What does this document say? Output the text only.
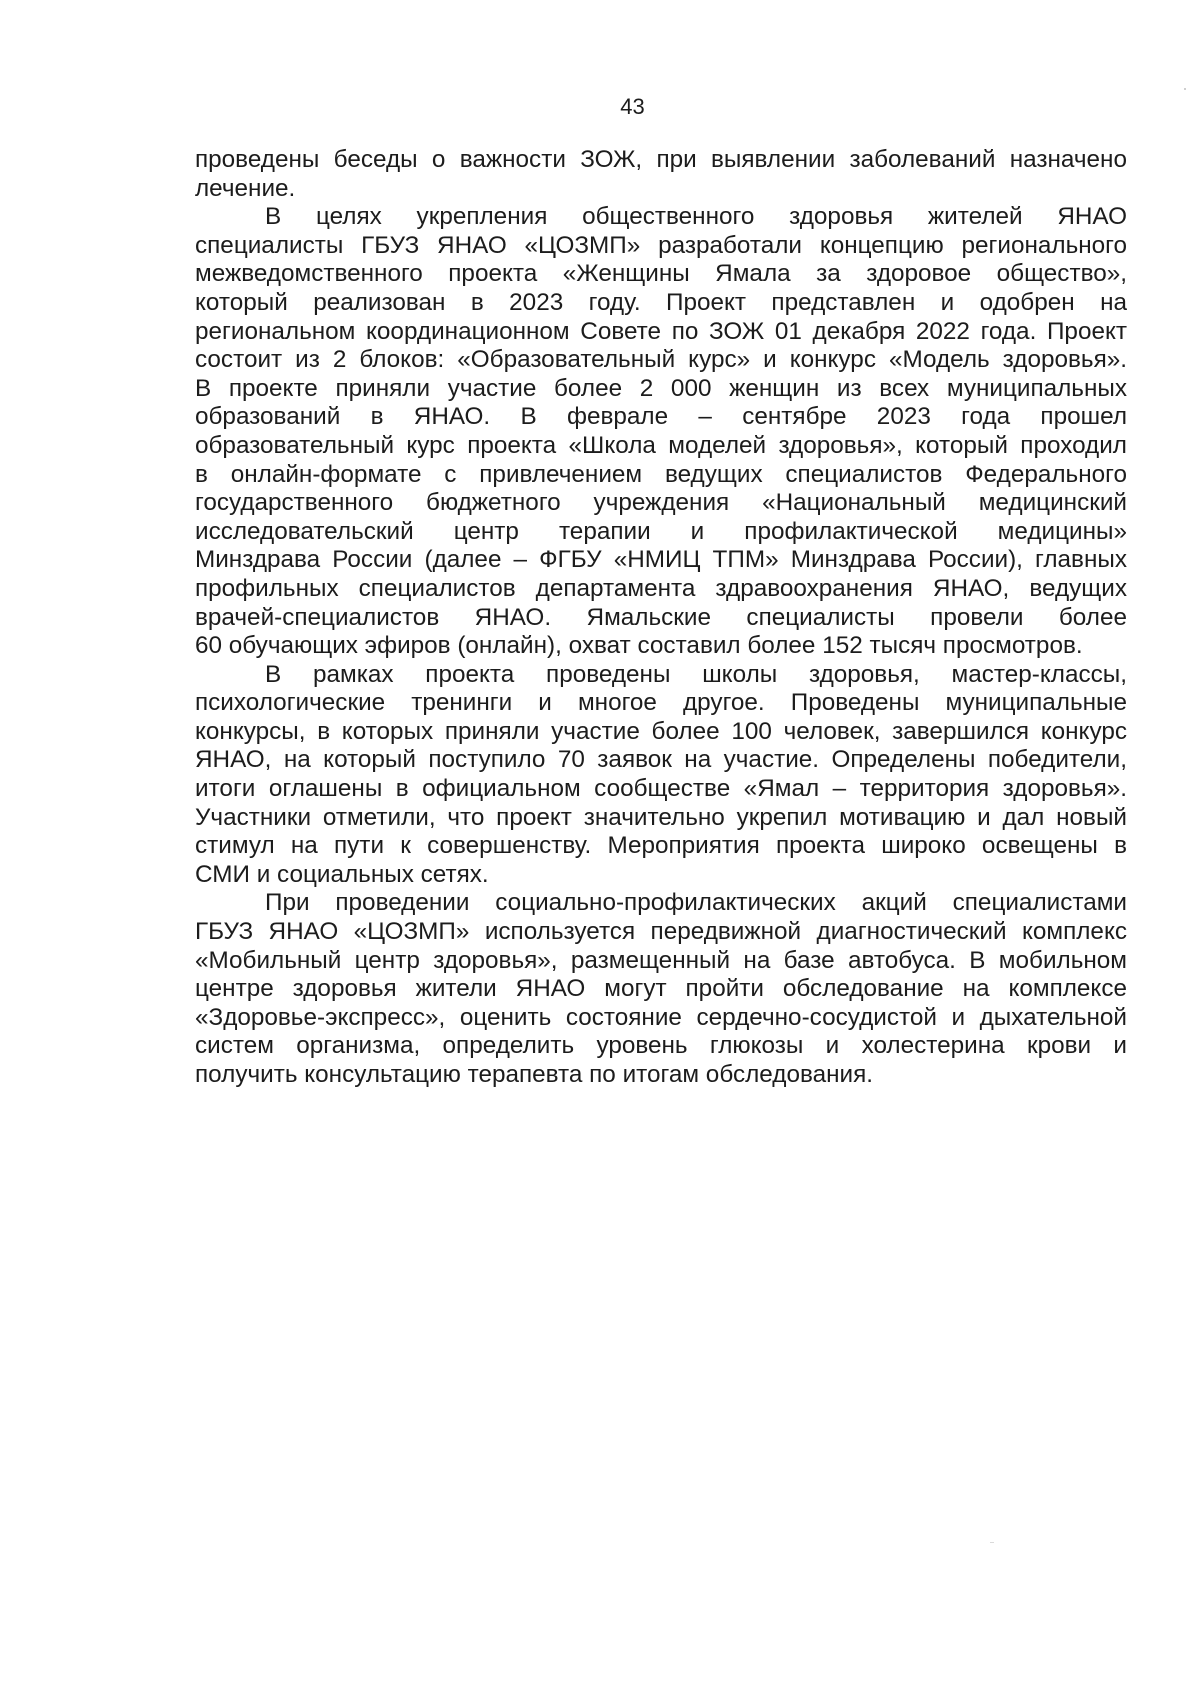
43
проведены беседы о важности ЗОЖ, при выявлении заболеваний назначено
лечение.
В целях укрепления общественного здоровья жителей ЯНАО
специалисты ГБУЗ ЯНАО «ЦОЗМП» разработали концепцию регионального
межведомственного проекта «Женщины Ямала за здоровое общество»,
который реализован в 2023 году. Проект представлен и одобрен на
региональном координационном Совете по ЗОЖ 01 декабря 2022 года. Проект
состоит из 2 блоков: «Образовательный курс» и конкурс «Модель здоровья».
В проекте приняли участие более 2 000 женщин из всех муниципальных
образований в ЯНАО. В феврале – сентябре 2023 года прошел
образовательный курс проекта «Школа моделей здоровья», который проходил
в онлайн-формате с привлечением ведущих специалистов Федерального
государственного бюджетного учреждения «Национальный медицинский
исследовательский центр терапии и профилактической медицины»
Минздрава России (далее – ФГБУ «НМИЦ ТПМ» Минздрава России), главных
профильных специалистов департамента здравоохранения ЯНАО, ведущих
врачей-специалистов ЯНАО. Ямальские специалисты провели более
60 обучающих эфиров (онлайн), охват составил более 152 тысяч просмотров.
В рамках проекта проведены школы здоровья, мастер-классы,
психологические тренинги и многое другое. Проведены муниципальные
конкурсы, в которых приняли участие более 100 человек, завершился конкурс
ЯНАО, на который поступило 70 заявок на участие. Определены победители,
итоги оглашены в официальном сообществе «Ямал – территория здоровья».
Участники отметили, что проект значительно укрепил мотивацию и дал новый
стимул на пути к совершенству. Мероприятия проекта широко освещены в
СМИ и социальных сетях.
При проведении социально-профилактических акций специалистами
ГБУЗ ЯНАО «ЦОЗМП» используется передвижной диагностический комплекс
«Мобильный центр здоровья», размещенный на базе автобуса. В мобильном
центре здоровья жители ЯНАО могут пройти обследование на комплексе
«Здоровье-экспресс», оценить состояние сердечно-сосудистой и дыхательной
систем организма, определить уровень глюкозы и холестерина крови и
получить консультацию терапевта по итогам обследования.
